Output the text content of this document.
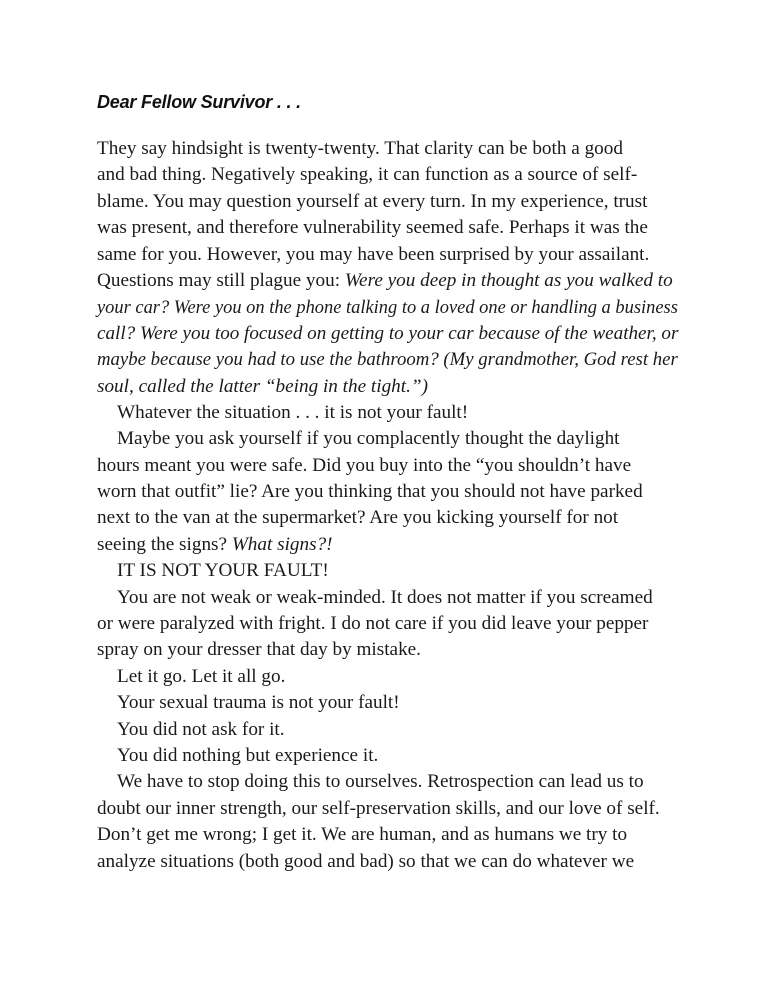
Dear Fellow Survivor . . .
They say hindsight is twenty-twenty. That clarity can be both a good
and bad thing. Negatively speaking, it can function as a source of self-
blame. You may question yourself at every turn. In my experience, trust
was present, and therefore vulnerability seemed safe. Perhaps it was the
same for you. However, you may have been surprised by your assailant.
Questions may still plague you: Were you deep in thought as you walked to
your car? Were you on the phone talking to a loved one or handling a business
call? Were you too focused on getting to your car because of the weather, or
maybe because you had to use the bathroom? (My grandmother, God rest her
soul, called the latter “being in the tight.”)
Whatever the situation . . . it is not your fault!
Maybe you ask yourself if you complacently thought the daylight
hours meant you were safe. Did you buy into the “you shouldn’t have
worn that outfit” lie? Are you thinking that you should not have parked
next to the van at the supermarket? Are you kicking yourself for not
seeing the signs? What signs?!
IT IS NOT YOUR FAULT!
You are not weak or weak-minded. It does not matter if you screamed
or were paralyzed with fright. I do not care if you did leave your pepper
spray on your dresser that day by mistake.
Let it go. Let it all go.
Your sexual trauma is not your fault!
You did not ask for it.
You did nothing but experience it.
We have to stop doing this to ourselves. Retrospection can lead us to
doubt our inner strength, our self-preservation skills, and our love of self.
Don’t get me wrong; I get it. We are human, and as humans we try to
analyze situations (both good and bad) so that we can do whatever we
